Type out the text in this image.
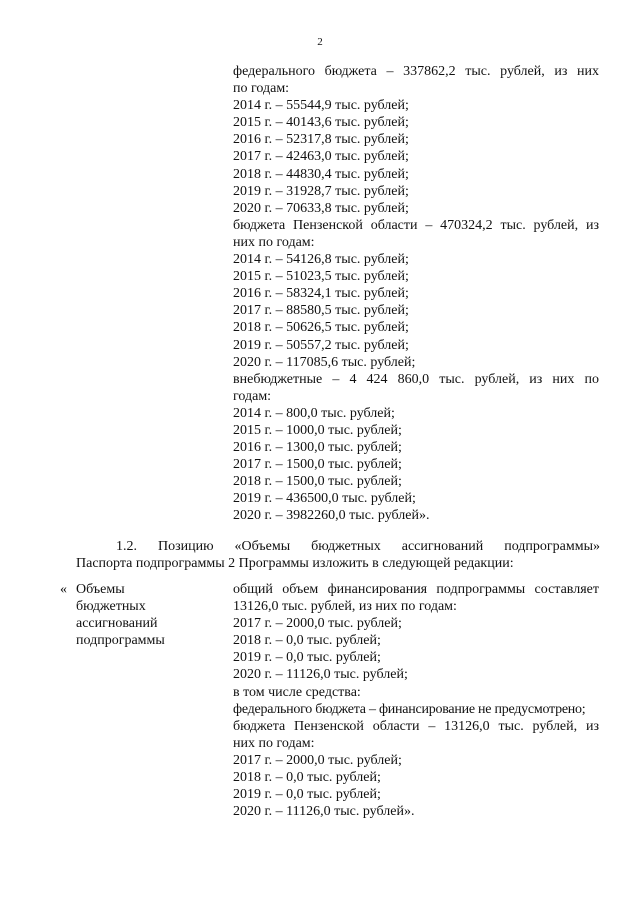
2
федерального бюджета – 337862,2 тыс. рублей, из них
по годам:
2014 г. – 55544,9 тыс. рублей;
2015 г. – 40143,6 тыс. рублей;
2016 г. – 52317,8 тыс. рублей;
2017 г. – 42463,0 тыс. рублей;
2018 г. – 44830,4 тыс. рублей;
2019 г. – 31928,7 тыс. рублей;
2020 г. – 70633,8 тыс. рублей;
бюджета Пензенской области – 470324,2 тыс. рублей, из
них по годам:
2014 г. – 54126,8 тыс. рублей;
2015 г. – 51023,5 тыс. рублей;
2016 г. – 58324,1 тыс. рублей;
2017 г. – 88580,5 тыс. рублей;
2018 г. – 50626,5 тыс. рублей;
2019 г. – 50557,2 тыс. рублей;
2020 г. – 117085,6 тыс. рублей;
внебюджетные – 4 424 860,0 тыс. рублей, из них по
годам:
2014 г. – 800,0 тыс. рублей;
2015 г. – 1000,0 тыс. рублей;
2016 г. – 1300,0 тыс. рублей;
2017 г. – 1500,0 тыс. рублей;
2018 г. – 1500,0 тыс. рублей;
2019 г. – 436500,0 тыс. рублей;
2020 г. – 3982260,0 тыс. рублей».
1.2. Позицию «Объемы бюджетных ассигнований подпрограммы»
Паспорта подпрограммы 2 Программы изложить в следующей редакции:
« Объемы
бюджетных
ассигнований
подпрограммы
общий объем финансирования подпрограммы составляет
13126,0 тыс. рублей, из них по годам:
2017 г. – 2000,0 тыс. рублей;
2018 г. – 0,0 тыс. рублей;
2019 г. – 0,0 тыс. рублей;
2020 г. – 11126,0 тыс. рублей;
в том числе средства:
федерального бюджета – финансирование не предусмотрено;
бюджета Пензенской области – 13126,0 тыс. рублей, из
них по годам:
2017 г. – 2000,0 тыс. рублей;
2018 г. – 0,0 тыс. рублей;
2019 г. – 0,0 тыс. рублей;
2020 г. – 11126,0 тыс. рублей».
